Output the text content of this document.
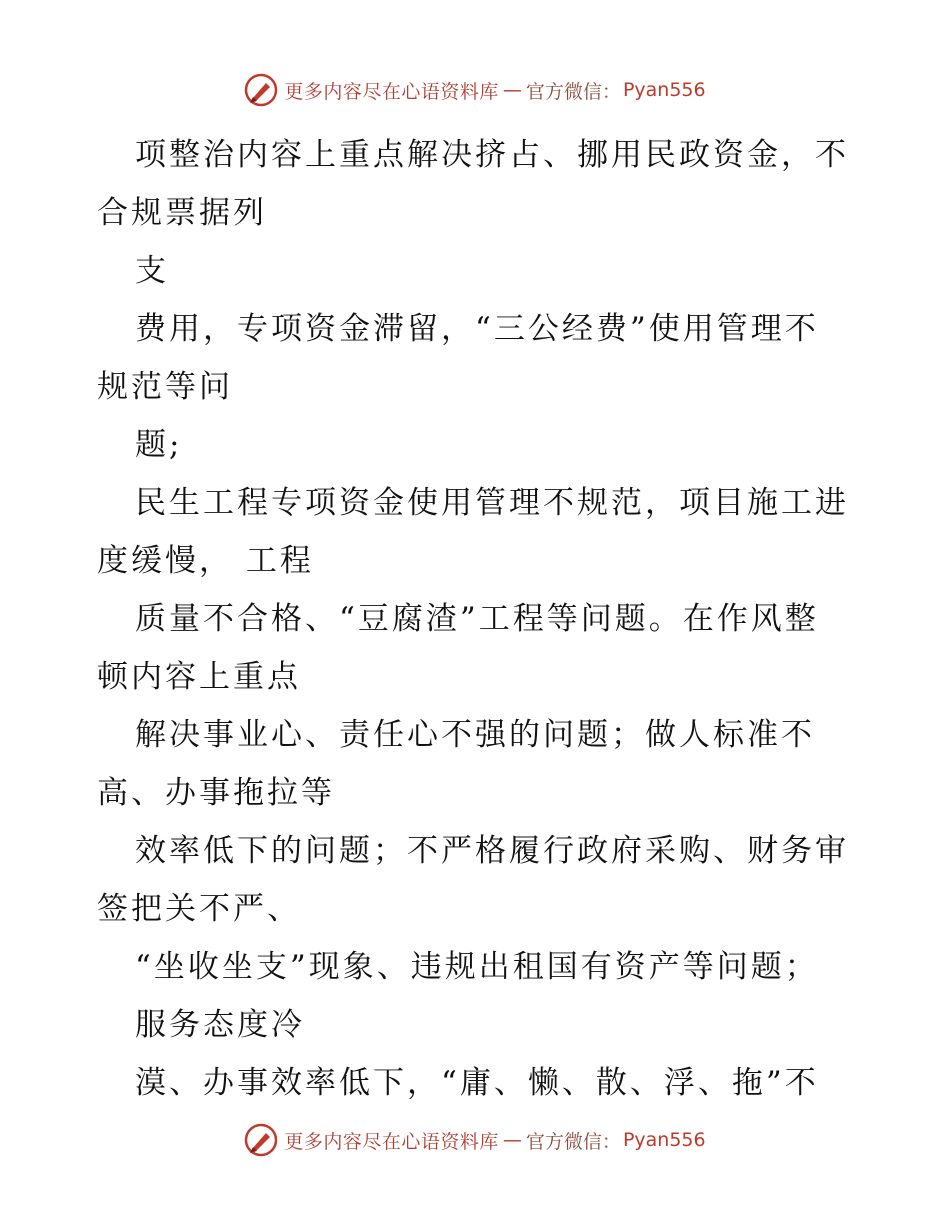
更多内容尽在心语资料库 — 官方微信： Pyan556
项整治内容上重点解决挤占、挪用民政资金，不
合规票据列
支
费用，专项资金滞留，“三公经费”使用管理不
规范等问
题;
民生工程专项资金使用管理不规范，项目施工进
度缓慢， 工程
质量不合格、“豆腐渣”工程等问题。在作风整
顿内容上重点
解决事业心、责任心不强的问题；做人标准不
高、办事拖拉等
效率低下的问题；不严格履行政府采购、财务审
签把关不严、
“坐收坐支”现象、违规出租国有资产等问题；
服务态度冷
漠、办事效率低下，“庸、懒、散、浮、拖”不
更多内容尽在心语资料库 — 官方微信： Pyan556
